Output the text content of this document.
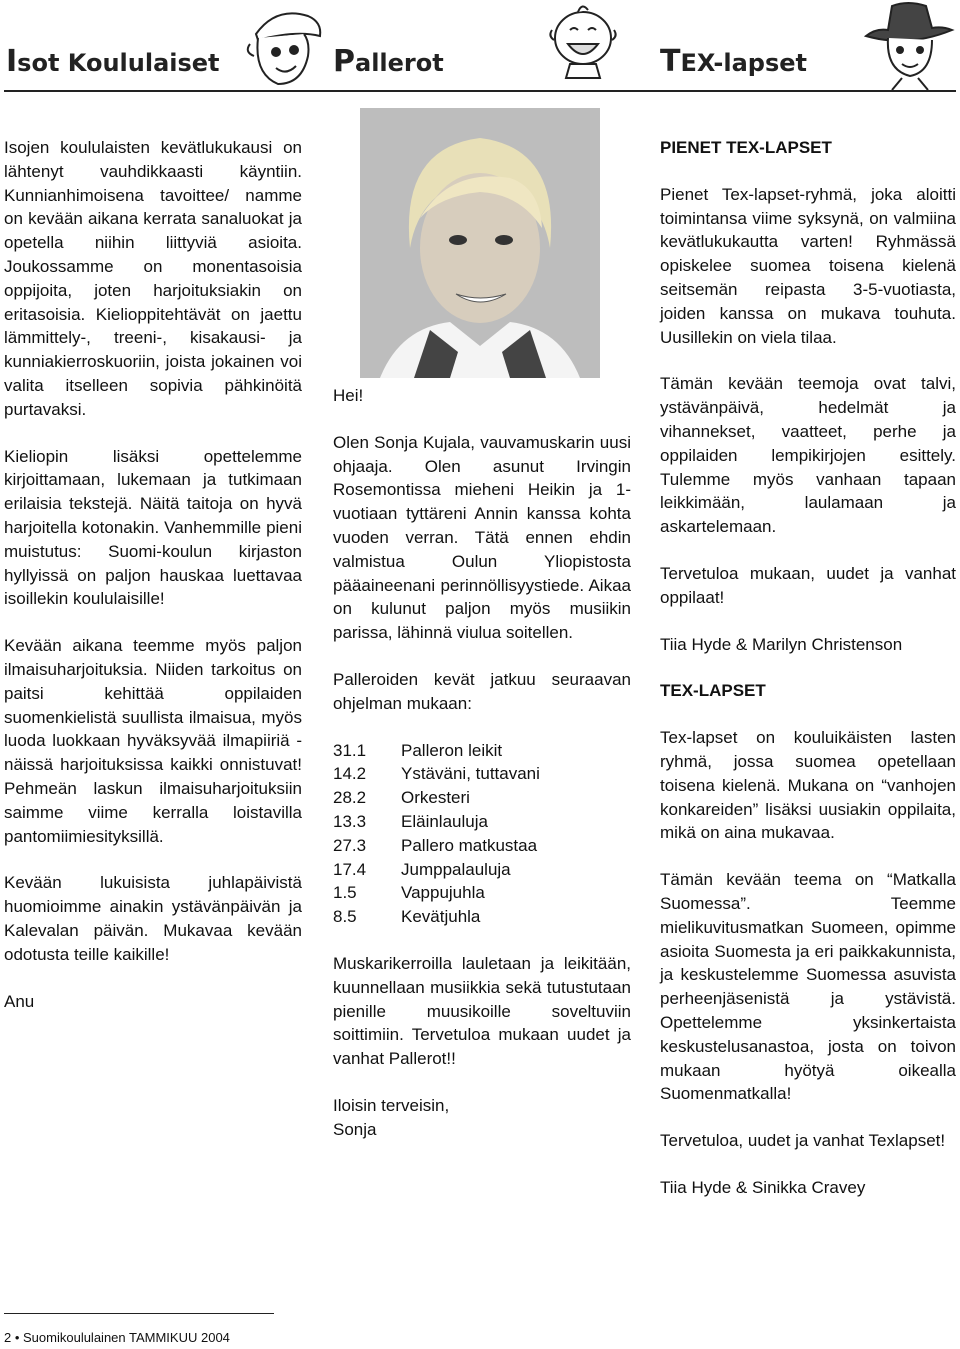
Isot Koululaiset	Pallerot	TEX-lapset

Isojen koululaisten kevätlukukausi on lähtenyt vauhdikkaasti käyntiin. Kunnianhimoisena tavoittee/ namme on kevään aikana kerrata sanaluokat ja opetella niihin liittyviä asioita. Joukossamme on monentasoisia oppijoita, joten harjoituksiakin on eritasoisia. Kielioppitehtävät on jaettu lämmittely-, treeni-, kisakausi- ja kunniakierroskuoriin, joista jokainen voi valita itselleen sopivia pähkinöitä purtavaksi.

Kieliopin lisäksi opettelemme kirjoittamaan, lukemaan ja tutkimaan erilaisia tekstejä. Näitä taitoja on hyvä harjoitella kotonakin. Vanhemmille pieni muistutus: Suomi-koulun kirjaston hyllyissä on paljon hauskaa luettavaa isoillekin koululaisille!

Kevään aikana teemme myös paljon ilmaisuharjoituksia. Niiden tarkoitus on paitsi kehittää oppilaiden suomenkielistä suullista ilmaisua, myös luoda luokkaan hyväksyvää ilmapiiriä - näissä harjoituksissa kaikki onnistuvat! Pehmeän laskun ilmaisuharjoituksiin saimme viime kerralla loistavilla pantomiimiesityksillä.

Kevään lukuisista juhlapäivistä huomioimme ainakin ystävänpäivän ja Kalevalan päivän. Mukavaa kevään odotusta teille kaikille!

Anu

Hei!

Olen Sonja Kujala, vauvamuskarin uusi ohjaaja. Olen asunut Irvingin Rosemontissa mieheni Heikin ja 1-vuotiaan tyttäreni Annin kanssa kohta vuoden verran. Tätä ennen ehdin valmistua Oulun Yliopistosta pääaineenani perinnöllisyystiede. Aikaa on kulunut paljon myös musiikin parissa, lähinnä viulua soitellen.

Palleroiden kevät jatkuu seuraavan ohjelman mukaan:

31.1	Palleron leikit
14.2	Ystäväni, tuttavani
28.2	Orkesteri
13.3	Eläinlauluja
27.3	Pallero matkustaa
17.4	Jumppalauluja
1.5	Vappujuhla
8.5	Kevätjuhla

Muskarikerroilla lauletaan ja leikitään, kuunnellaan musiikkia sekä tutustutaan pienille muusikoille soveltuviin soittimiin. Tervetuloa mukaan uudet ja vanhat Pallerot!!

Iloisin terveisin,

Sonja

PIENET TEX-LAPSET

Pienet Tex-lapset-ryhmä, joka aloitti toimintansa viime syksynä, on valmiina kevätlukukautta varten! Ryhmässä opiskelee suomea toisena kielenä seitsemän reipasta 3-5-vuotiasta, joiden kanssa on mukava touhuta. Uusillekin on viela tilaa.

Tämän kevään teemoja ovat talvi, ystävänpäivä, hedelmät ja vihannekset, vaatteet, perhe ja oppilaiden lempikirjojen esittely. Tulemme myös vanhaan tapaan leikkimään, laulamaan ja askartelemaan.

Tervetuloa mukaan, uudet ja vanhat oppilaat!

Tiia Hyde & Marilyn Christenson

TEX-LAPSET

Tex-lapset on kouluikäisten lasten ryhmä, jossa suomea opetellaan toisena kielenä. Mukana on “vanhojen konkareiden” lisäksi uusiakin oppilaita, mikä on aina mukavaa.

Tämän kevään teema on “Matkalla Suomessa”. Teemme mielikuvitusmatkan Suomeen, opimme asioita Suomesta ja eri paikkakunnista, ja keskustelemme Suomessa asuvista perheenjäsenistä ja ystävistä. Opettelemme yksinkertaista keskustelusanastoa, josta on toivon mukaan hyötyä oikealla Suomenmatkalla!

Tervetuloa, uudet ja vanhat Texlapset!

Tiia Hyde & Sinikka Cravey

2 • Suomikoululainen TAMMIKUU 2004
